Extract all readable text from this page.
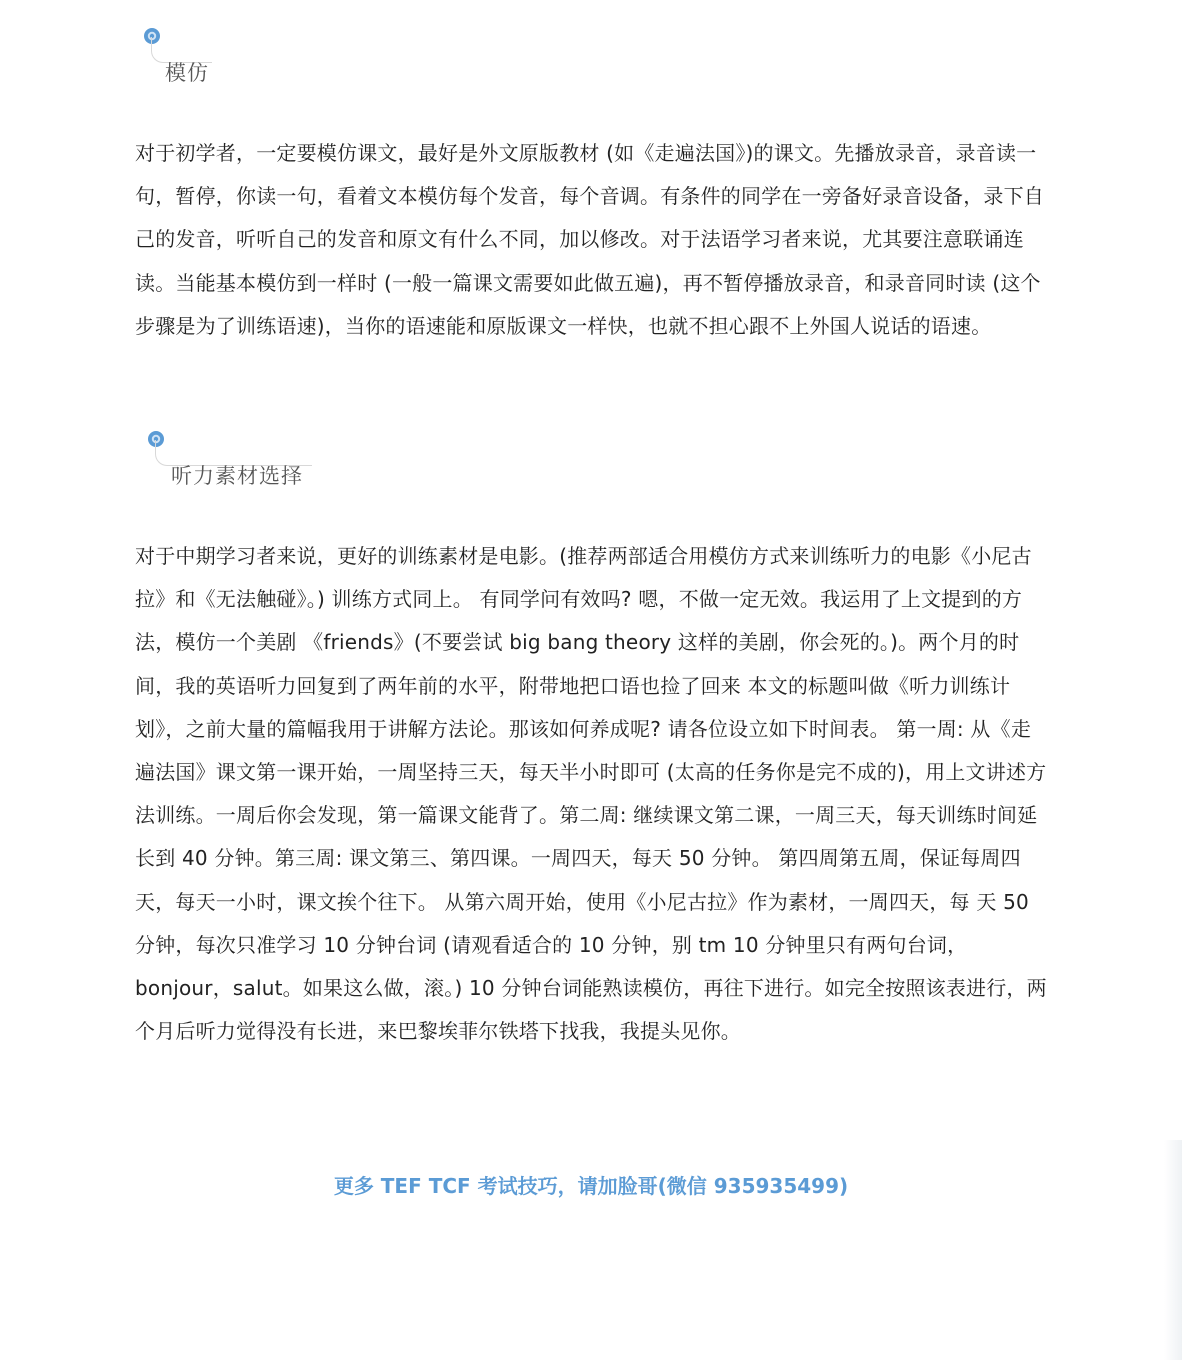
模仿

对于初学者，一定要模仿课文，最好是外文原版教材 (如《走遍法国》)的课文。先播放录音，录音读一句，暂停，你读一句，看着文本模仿每个发音，每个音调。有条件的同学在一旁备好录音设备，录下自己的发音，听听自己的发音和原文有什么不同，加以修改。对于法语学习者来说，尤其要注意联诵连读。当能基本模仿到一样时 (一般一篇课文需要如此做五遍)，再不暂停播放录音，和录音同时读 (这个步骤是为了训练语速)，当你的语速能和原版课文一样快，也就不担心跟不上外国人说话的语速。

听力素材选择

对于中期学习者来说，更好的训练素材是电影。(推荐两部适合用模仿方式来训练听力的电影《小尼古拉》和《无法触碰》。) 训练方式同上。 有同学问有效吗? 嗯，不做一定无效。我运用了上文提到的方法，模仿一个美剧 《friends》(不要尝试 big bang theory 这样的美剧，你会死的。)。两个月的时间，我的英语听力回复到了两年前的水平，附带地把口语也捡了回来 本文的标题叫做《听力训练计划》，之前大量的篇幅我用于讲解方法论。那该如何养成呢? 请各位设立如下时间表。 第一周: 从《走遍法国》课文第一课开始，一周坚持三天，每天半小时即可 (太高的任务你是完不成的)，用上文讲述方法训练。一周后你会发现，第一篇课文能背了。第二周: 继续课文第二课，一周三天，每天训练时间延长到 40 分钟。第三周: 课文第三、第四课。一周四天，每天 50 分钟。 第四周第五周，保证每周四天，每天一小时，课文挨个往下。 从第六周开始，使用《小尼古拉》作为素材，一周四天，每 天 50 分钟，每次只准学习 10 分钟台词 (请观看适合的 10 分钟，别 tm 10 分钟里只有两句台词，bonjour，salut。如果这么做，滚。) 10 分钟台词能熟读模仿，再往下进行。如完全按照该表进行，两个月后听力觉得没有长进，来巴黎埃菲尔铁塔下找我，我提头见你。

更多 TEF TCF 考试技巧，请加脸哥(微信 935935499)
